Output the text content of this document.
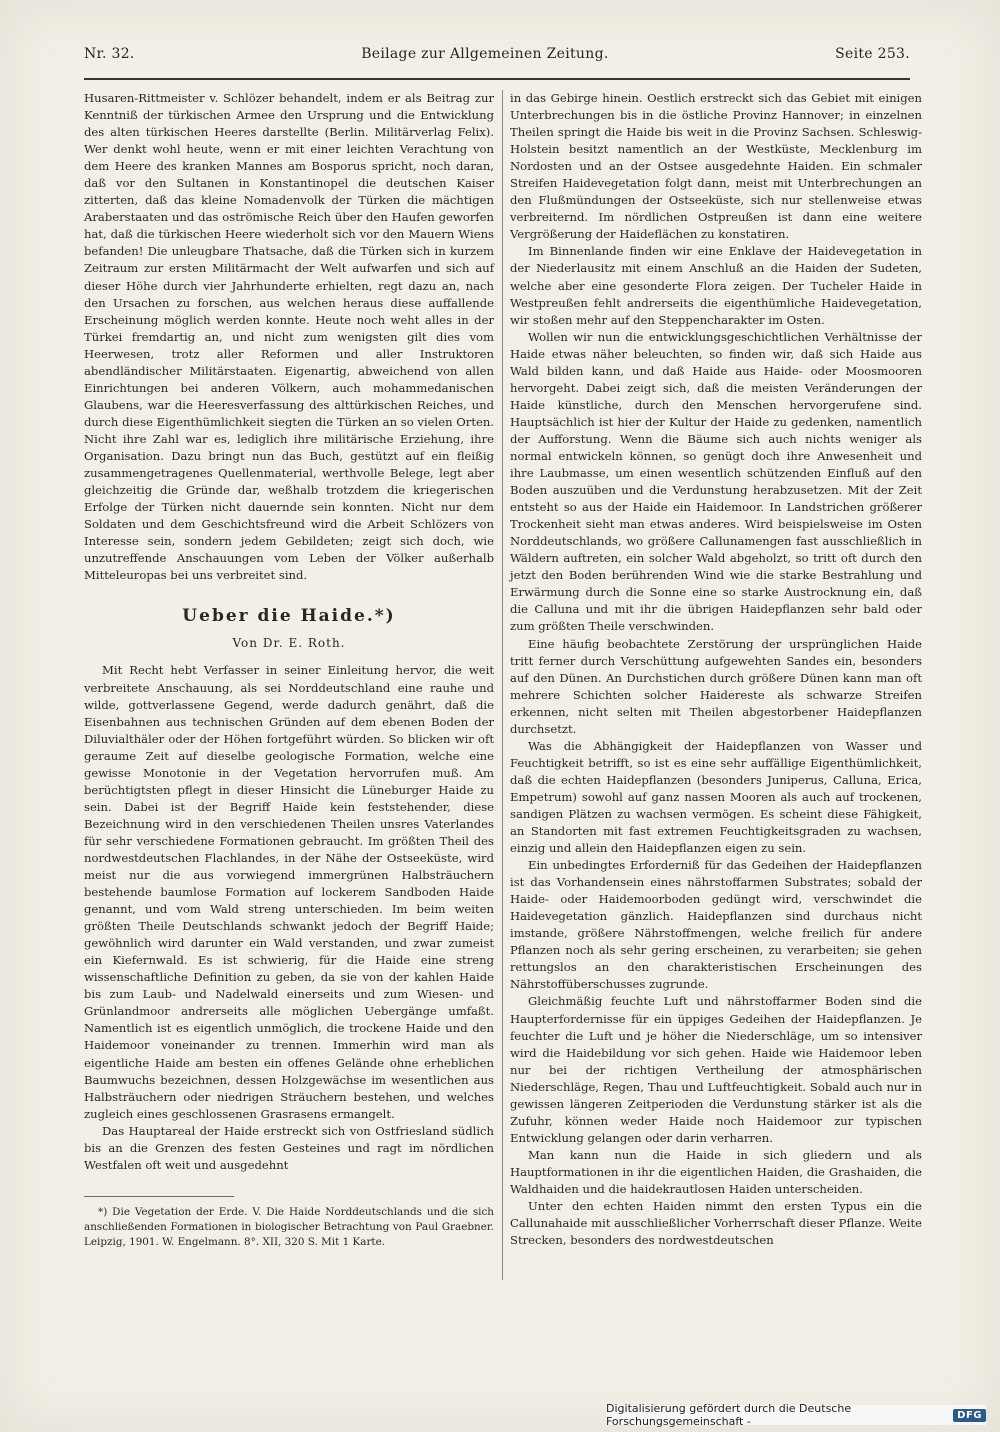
Nr. 32.	Beilage zur Allgemeinen Zeitung.	Seite 253.

Husaren-Rittmeister v. Schlözer behandelt, indem er als Beitrag zur Kenntniß der türkischen Armee den Ursprung und die Entwicklung des alten türkischen Heeres darstellte (Berlin. Militärverlag Felix). Wer denkt wohl heute, wenn er mit einer leichten Verachtung von dem Heere des kranken Mannes am Bosporus spricht, noch daran, daß vor den Sultanen in Konstantinopel die deutschen Kaiser zitterten, daß das kleine Nomadenvolk der Türken die mächtigen Araberstaaten und das oströmische Reich über den Haufen geworfen hat, daß die türkischen Heere wiederholt sich vor den Mauern Wiens befanden! Die unleugbare Thatsache, daß die Türken sich in kurzem Zeitraum zur ersten Militärmacht der Welt aufwarfen und sich auf dieser Höhe durch vier Jahrhunderte erhielten, regt dazu an, nach den Ursachen zu forschen, aus welchen heraus diese auffallende Erscheinung möglich werden konnte. Heute noch weht alles in der Türkei fremdartig an, und nicht zum wenigsten gilt dies vom Heerwesen, trotz aller Reformen und aller Instruktoren abendländischer Militärstaaten. Eigenartig, abweichend von allen Einrichtungen bei anderen Völkern, auch mohammedanischen Glaubens, war die Heeresverfassung des alttürkischen Reiches, und durch diese Eigenthümlichkeit siegten die Türken an so vielen Orten. Nicht ihre Zahl war es, lediglich ihre militärische Erziehung, ihre Organisation. Dazu bringt nun das Buch, gestützt auf ein fleißig zusammengetragenes Quellenmaterial, werthvolle Belege, legt aber gleichzeitig die Gründe dar, weßhalb trotzdem die kriegerischen Erfolge der Türken nicht dauernde sein konnten. Nicht nur dem Soldaten und dem Geschichtsfreund wird die Arbeit Schlözers von Interesse sein, sondern jedem Gebildeten; zeigt sich doch, wie unzutreffende Anschauungen vom Leben der Völker außerhalb Mitteleuropas bei uns verbreitet sind.

Ueber die Haide.*)
Von Dr. E. Roth.

Mit Recht hebt Verfasser in seiner Einleitung hervor, die weit verbreitete Anschauung, als sei Norddeutschland eine rauhe und wilde, gottverlassene Gegend, werde dadurch genährt, daß die Eisenbahnen aus technischen Gründen auf dem ebenen Boden der Diluvialthäler oder der Höhen fortgeführt würden. So blicken wir oft geraume Zeit auf dieselbe geologische Formation, welche eine gewisse Monotonie in der Vegetation hervorrufen muß. Am berüchtigtsten pflegt in dieser Hinsicht die Lüneburger Haide zu sein. Dabei ist der Begriff Haide kein feststehender, diese Bezeichnung wird in den verschiedenen Theilen unsres Vaterlandes für sehr verschiedene Formationen gebraucht. Im größten Theil des nordwestdeutschen Flachlandes, in der Nähe der Ostseeküste, wird meist nur die aus vorwiegend immergrünen Halbsträuchern bestehende baumlose Formation auf lockerem Sandboden Haide genannt, und vom Wald streng unterschieden. Im beim weiten größten Theile Deutschlands schwankt jedoch der Begriff Haide; gewöhnlich wird darunter ein Wald verstanden, und zwar zumeist ein Kiefernwald. Es ist schwierig, für die Haide eine streng wissenschaftliche Definition zu geben, da sie von der kahlen Haide bis zum Laub- und Nadelwald einerseits und zum Wiesen- und Grünlandmoor andrerseits alle möglichen Uebergänge umfaßt. Namentlich ist es eigentlich unmöglich, die trockene Haide und den Haidemoor voneinander zu trennen. Immerhin wird man als eigentliche Haide am besten ein offenes Gelände ohne erheblichen Baumwuchs bezeichnen, dessen Holzgewächse im wesentlichen aus Halbsträuchern oder niedrigen Sträuchern bestehen, und welches zugleich eines geschlossenen Grasrasens ermangelt.

Das Hauptareal der Haide erstreckt sich von Ostfriesland südlich bis an die Grenzen des festen Gesteines und ragt im nördlichen Westfalen oft weit und ausgedehnt

*) Die Vegetation der Erde. V. Die Haide Norddeutschlands und die sich anschließenden Formationen in biologischer Betrachtung von Paul Graebner. Leipzig, 1901. W. Engelmann. 8°. XII, 320 S. Mit 1 Karte.

in das Gebirge hinein. Oestlich erstreckt sich das Gebiet mit einigen Unterbrechungen bis in die östliche Provinz Hannover; in einzelnen Theilen springt die Haide bis weit in die Provinz Sachsen. Schleswig-Holstein besitzt namentlich an der Westküste, Mecklenburg im Nordosten und an der Ostsee ausgedehnte Haiden. Ein schmaler Streifen Haidevegetation folgt dann, meist mit Unterbrechungen an den Flußmündungen der Ostseeküste, sich nur stellenweise etwas verbreiternd. Im nördlichen Ostpreußen ist dann eine weitere Vergrößerung der Haideflächen zu konstatiren.

Im Binnenlande finden wir eine Enklave der Haidevegetation in der Niederlausitz mit einem Anschluß an die Haiden der Sudeten, welche aber eine gesonderte Flora zeigen. Der Tucheler Haide in Westpreußen fehlt andrerseits die eigenthümliche Haidevegetation, wir stoßen mehr auf den Steppencharakter im Osten.

Wollen wir nun die entwicklungsgeschichtlichen Verhältnisse der Haide etwas näher beleuchten, so finden wir, daß sich Haide aus Wald bilden kann, und daß Haide aus Haide- oder Moosmooren hervorgeht. Dabei zeigt sich, daß die meisten Veränderungen der Haide künstliche, durch den Menschen hervorgerufene sind. Hauptsächlich ist hier der Kultur der Haide zu gedenken, namentlich der Aufforstung. Wenn die Bäume sich auch nichts weniger als normal entwickeln können, so genügt doch ihre Anwesenheit und ihre Laubmasse, um einen wesentlich schützenden Einfluß auf den Boden auszuüben und die Verdunstung herabzusetzen. Mit der Zeit entsteht so aus der Haide ein Haidemoor. In Landstrichen größerer Trockenheit sieht man etwas anderes. Wird beispielsweise im Osten Norddeutschlands, wo größere Callunamengen fast ausschließlich in Wäldern auftreten, ein solcher Wald abgeholzt, so tritt oft durch den jetzt den Boden berührenden Wind wie die starke Bestrahlung und Erwärmung durch die Sonne eine so starke Austrocknung ein, daß die Calluna und mit ihr die übrigen Haidepflanzen sehr bald oder zum größten Theile verschwinden.

Eine häufig beobachtete Zerstörung der ursprünglichen Haide tritt ferner durch Verschüttung aufgewehten Sandes ein, besonders auf den Dünen. An Durchstichen durch größere Dünen kann man oft mehrere Schichten solcher Haidereste als schwarze Streifen erkennen, nicht selten mit Theilen abgestorbener Haidepflanzen durchsetzt.

Was die Abhängigkeit der Haidepflanzen von Wasser und Feuchtigkeit betrifft, so ist es eine sehr auffällige Eigenthümlichkeit, daß die echten Haidepflanzen (besonders Juniperus, Calluna, Erica, Empetrum) sowohl auf ganz nassen Mooren als auch auf trockenen, sandigen Plätzen zu wachsen vermögen. Es scheint diese Fähigkeit, an Standorten mit fast extremen Feuchtigkeitsgraden zu wachsen, einzig und allein den Haidepflanzen eigen zu sein.

Ein unbedingtes Erforderniß für das Gedeihen der Haidepflanzen ist das Vorhandensein eines nährstoffarmen Substrates; sobald der Haide- oder Haidemoorboden gedüngt wird, verschwindet die Haidevegetation gänzlich. Haidepflanzen sind durchaus nicht imstande, größere Nährstoffmengen, welche freilich für andere Pflanzen noch als sehr gering erscheinen, zu verarbeiten; sie gehen rettungslos an den charakteristischen Erscheinungen des Nährstoffüberschusses zugrunde.

Gleichmäßig feuchte Luft und nährstoffarmer Boden sind die Haupterfordernisse für ein üppiges Gedeihen der Haidepflanzen. Je feuchter die Luft und je höher die Niederschläge, um so intensiver wird die Haidebildung vor sich gehen. Haide wie Haidemoor leben nur bei der richtigen Vertheilung der atmosphärischen Niederschläge, Regen, Thau und Luftfeuchtigkeit. Sobald auch nur in gewissen längeren Zeitperioden die Verdunstung stärker ist als die Zufuhr, können weder Haide noch Haidemoor zur typischen Entwicklung gelangen oder darin verharren.

Man kann nun die Haide in sich gliedern und als Hauptformationen in ihr die eigentlichen Haiden, die Grashaiden, die Waldhaiden und die haidekrautlosen Haiden unterscheiden.

Unter den echten Haiden nimmt den ersten Typus ein die Callunahaide mit ausschließlicher Vorherrschaft dieser Pflanze. Weite Strecken, besonders des nordwestdeutschen

Digitalisierung gefördert durch die Deutsche Forschungsgemeinschaft -	DFG
